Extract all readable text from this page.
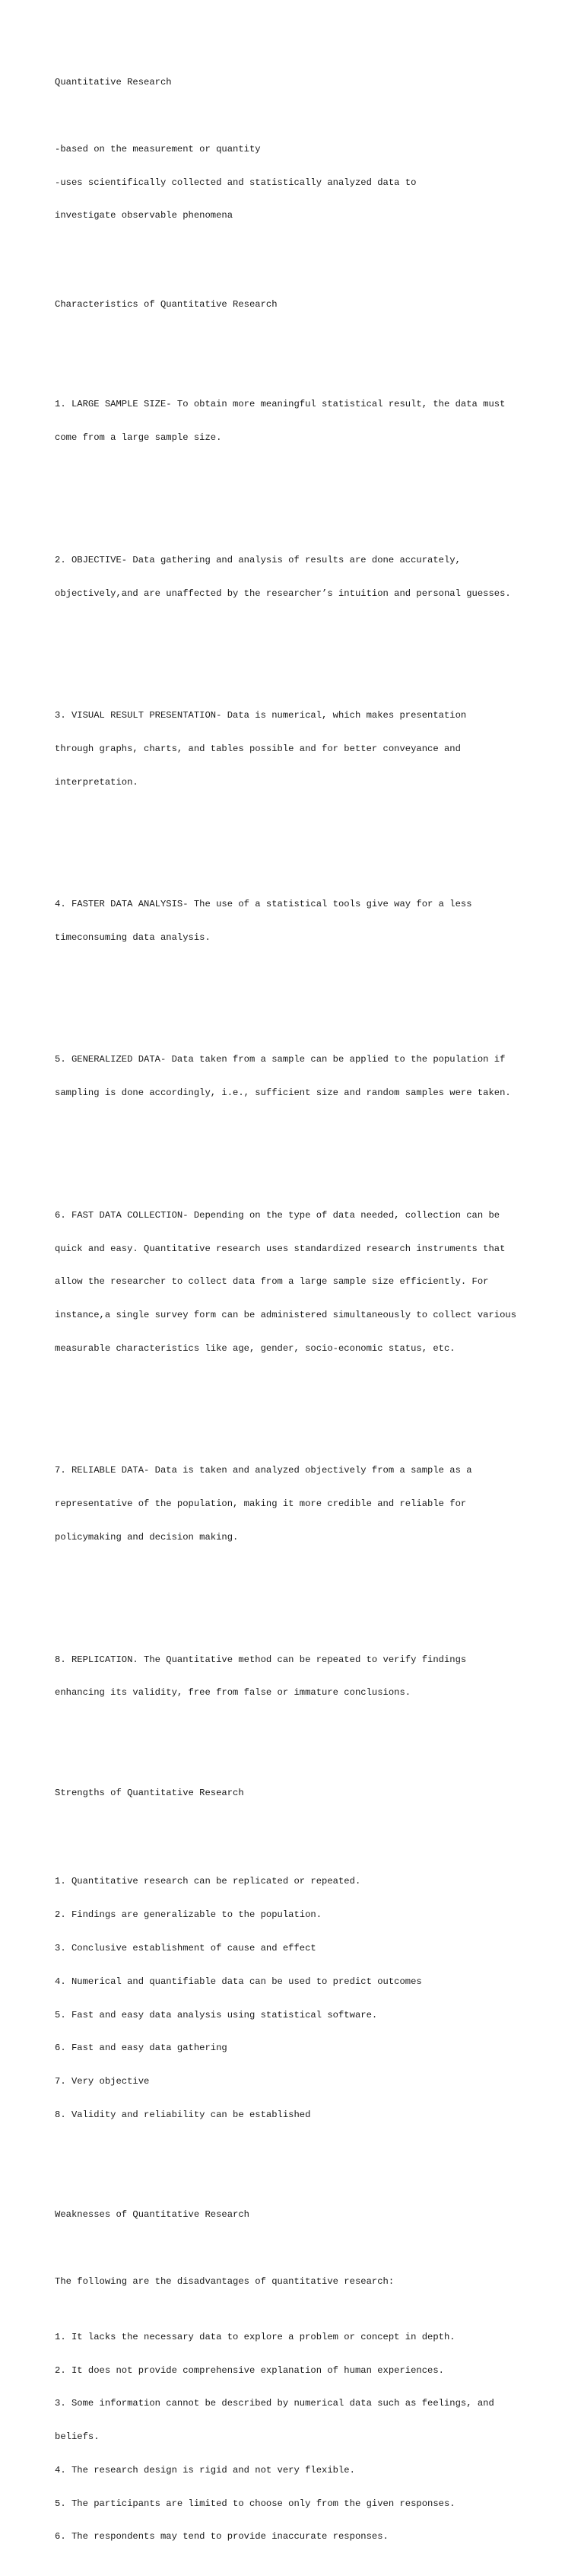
Quantitative Research

-based on the measurement or quantity

-uses scientifically collected and statistically analyzed data to

investigate observable phenomena

Characteristics of Quantitative Research

1. LARGE SAMPLE SIZE- To obtain more meaningful statistical result, the data must

come from a large sample size.

2. OBJECTIVE- Data gathering and analysis of results are done accurately,

objectively,and are unaffected by the researcher’s intuition and personal guesses.

3. VISUAL RESULT PRESENTATION- Data is numerical, which makes presentation

through graphs, charts, and tables possible and for better conveyance and

interpretation.

4. FASTER DATA ANALYSIS- The use of a statistical tools give way for a less

timeconsuming data analysis.

5. GENERALIZED DATA- Data taken from a sample can be applied to the population if

sampling is done accordingly, i.e., sufficient size and random samples were taken.

6. FAST DATA COLLECTION- Depending on the type of data needed, collection can be

quick and easy. Quantitative research uses standardized research instruments that

allow the researcher to collect data from a large sample size efficiently. For

instance,a single survey form can be administered simultaneously to collect various

measurable characteristics like age, gender, socio-economic status, etc.

7. RELIABLE DATA- Data is taken and analyzed objectively from a sample as a

representative of the population, making it more credible and reliable for

policymaking and decision making.

8. REPLICATION. The Quantitative method can be repeated to verify findings

enhancing its validity, free from false or immature conclusions.

Strengths of Quantitative Research

1. Quantitative research can be replicated or repeated.

2. Findings are generalizable to the population.

3. Conclusive establishment of cause and effect

4. Numerical and quantifiable data can be used to predict outcomes

5. Fast and easy data analysis using statistical software.

6. Fast and easy data gathering

7. Very objective

8. Validity and reliability can be established

Weaknesses of Quantitative Research

The following are the disadvantages of quantitative research:

1. It lacks the necessary data to explore a problem or concept in depth.

2. It does not provide comprehensive explanation of human experiences.

3. Some information cannot be described by numerical data such as feelings, and

beliefs.

4. The research design is rigid and not very flexible.

5. The participants are limited to choose only from the given responses.

6. The respondents may tend to provide inaccurate responses.
